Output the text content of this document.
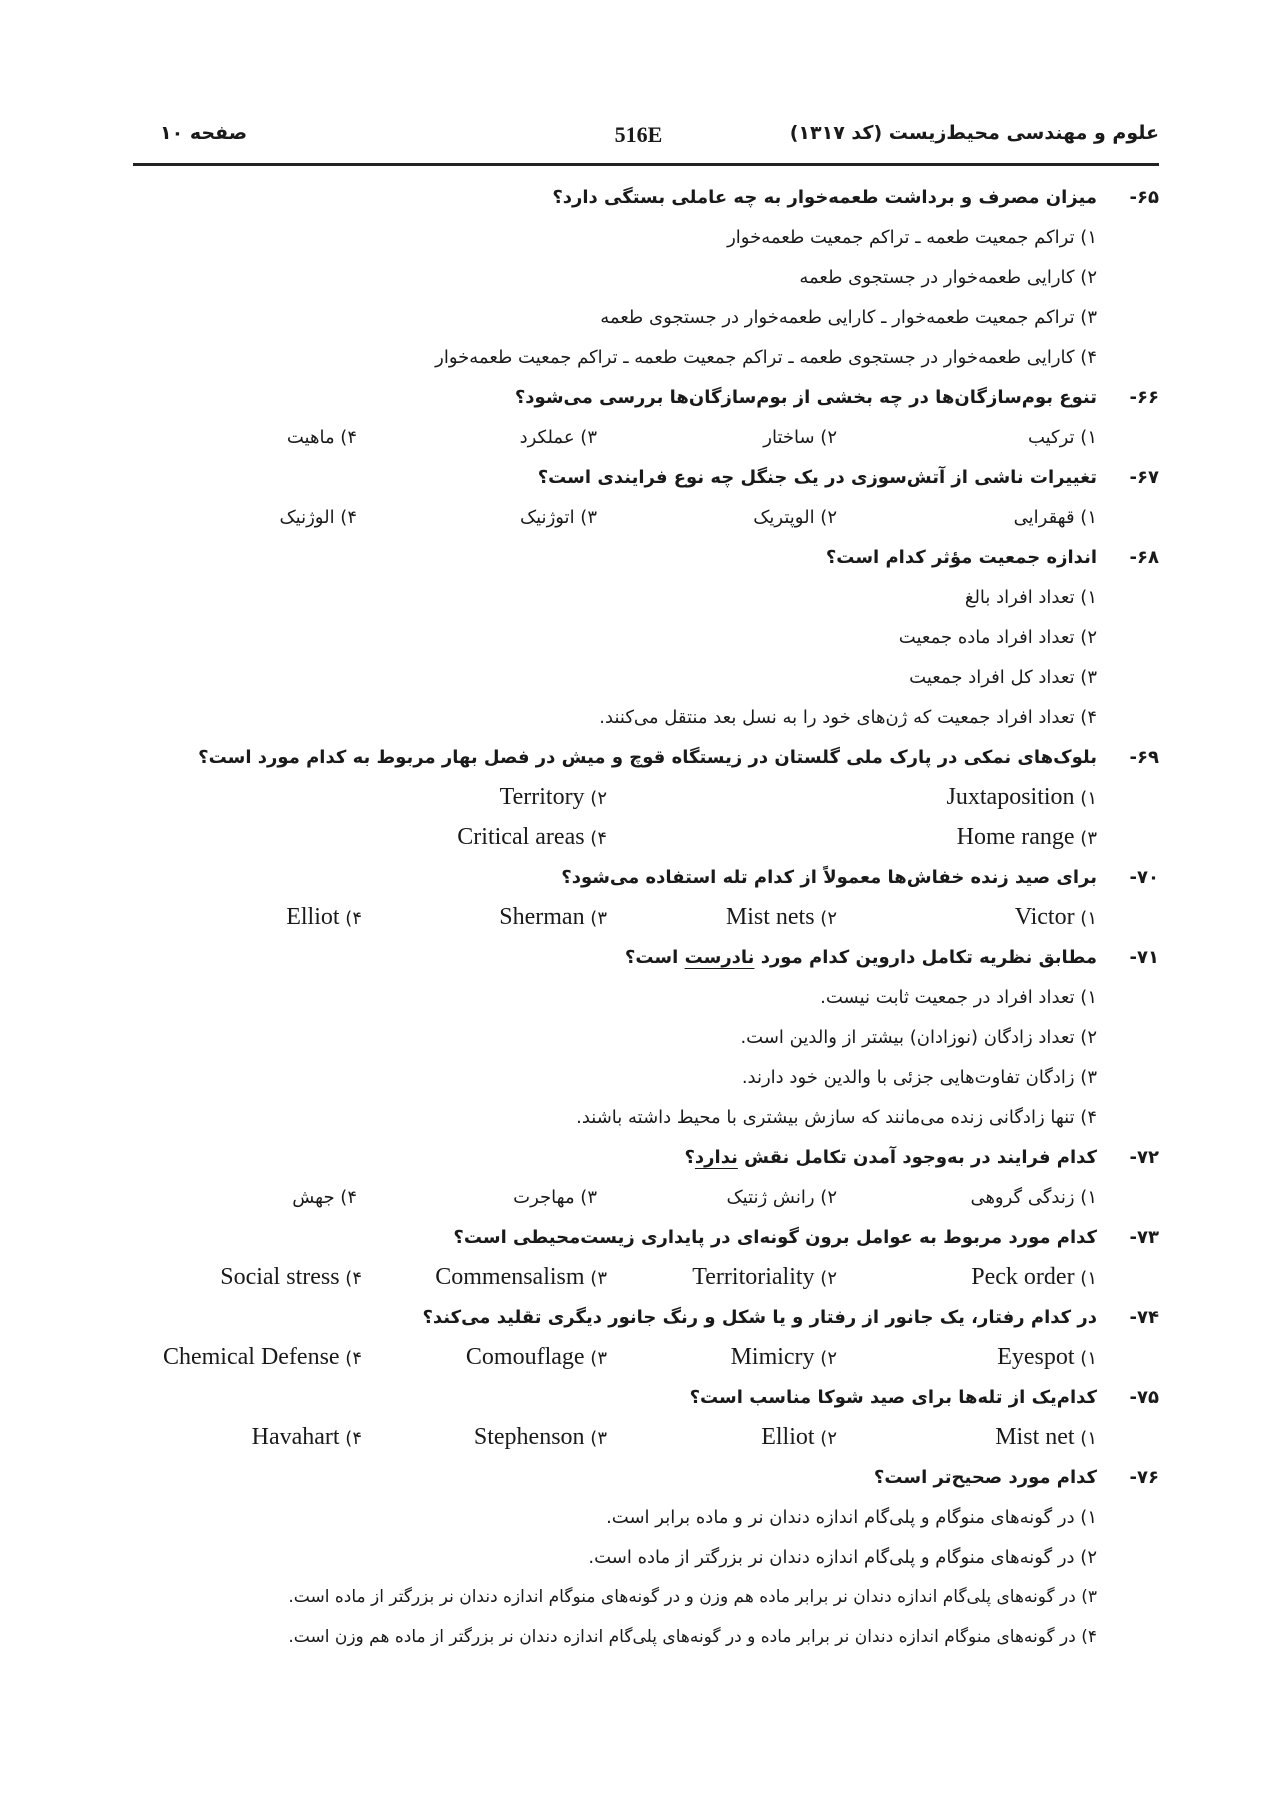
علوم و مهندسی محیط‌زیست (کد ۱۳۱۷)
516E
صفحه ۱۰
۶۵-
میزان مصرف و برداشت طعمه‌خوار به چه عاملی بستگی دارد؟
۱) تراکم جمعیت طعمه ـ تراکم جمعیت طعمه‌خوار
۲) کارایی طعمه‌خوار در جستجوی طعمه
۳) تراکم جمعیت طعمه‌خوار ـ کارایی طعمه‌خوار در جستجوی طعمه
۴) کارایی طعمه‌خوار در جستجوی طعمه ـ تراکم جمعیت طعمه ـ تراکم جمعیت طعمه‌خوار
۶۶-
تنوع بوم‌سازگان‌ها در چه بخشی از بوم‌سازگان‌ها بررسی می‌شود؟
۱) ترکیب
۲) ساختار
۳) عملکرد
۴) ماهیت
۶۷-
تغییرات ناشی از آتش‌سوزی در یک جنگل چه نوع فرایندی است؟
۱) قهقرایی
۲) الوپتریک
۳) اتوژنیک
۴) الوژنیک
۶۸-
اندازه جمعیت مؤثر کدام است؟
۱) تعداد افراد بالغ
۲) تعداد افراد ماده جمعیت
۳) تعداد کل افراد جمعیت
۴) تعداد افراد جمعیت که ژن‌های خود را به نسل بعد منتقل می‌کنند.
۶۹-
بلوک‌های نمکی در پارک ملی گلستان در زیستگاه قوچ و میش در فصل بهار مربوط به کدام مورد است؟
۱) Juxtaposition
۲) Territory
۳) Home range
۴) Critical areas
۷۰-
برای صید زنده خفاش‌ها معمولاً از کدام تله استفاده می‌شود؟
۱) Victor
۲) Mist nets
۳) Sherman
۴) Elliot
۷۱-
مطابق نظریه تکامل داروین کدام مورد نادرست است؟
۱) تعداد افراد در جمعیت ثابت نیست.
۲) تعداد زادگان (نوزادان) بیشتر از والدین است.
۳) زادگان تفاوت‌هایی جزئی با والدین خود دارند.
۴) تنها زادگانی زنده می‌مانند که سازش بیشتری با محیط داشته باشند.
۷۲-
کدام فرایند در به‌وجود آمدن تکامل نقش ندارد؟
۱) زندگی گروهی
۲) رانش ژنتیک
۳) مهاجرت
۴) جهش
۷۳-
کدام مورد مربوط به عوامل برون گونه‌ای در پایداری زیست‌محیطی است؟
۱) Peck order
۲) Territoriality
۳) Commensalism
۴) Social stress
۷۴-
در کدام رفتار، یک جانور از رفتار و یا شکل و رنگ جانور دیگری تقلید می‌کند؟
۱) Eyespot
۲) Mimicry
۳) Comouflage
۴) Chemical Defense
۷۵-
کدام‌یک از تله‌ها برای صید شوکا مناسب است؟
۱) Mist net
۲) Elliot
۳) Stephenson
۴) Havahart
۷۶-
کدام مورد صحیح‌تر است؟
۱) در گونه‌های منوگام و پلی‌گام اندازه دندان نر و ماده برابر است.
۲) در گونه‌های منوگام و پلی‌گام اندازه دندان نر بزرگتر از ماده است.
۳) در گونه‌های پلی‌گام اندازه دندان نر برابر ماده هم وزن و در گونه‌های منوگام اندازه دندان نر بزرگتر از ماده است.
۴) در گونه‌های منوگام اندازه دندان نر برابر ماده و در گونه‌های پلی‌گام اندازه دندان نر بزرگتر از ماده هم وزن است.
